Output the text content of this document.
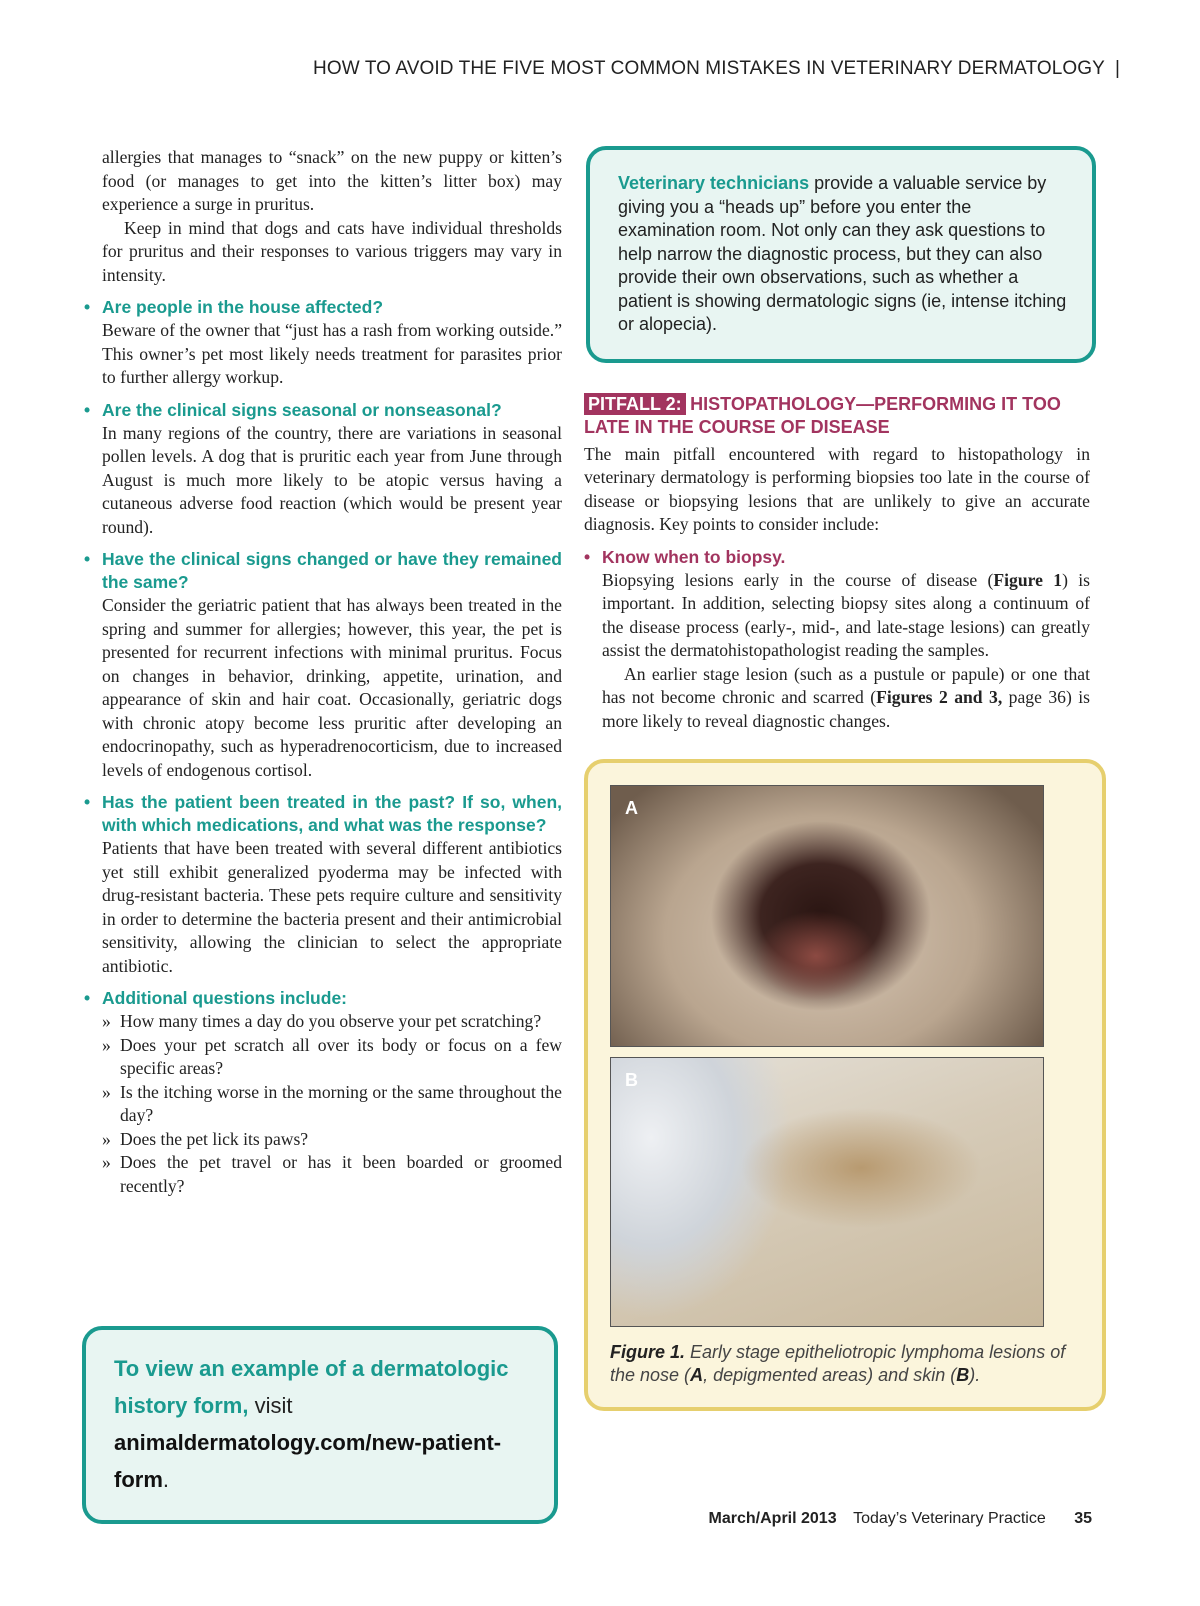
HOW TO AVOID THE FIVE MOST COMMON MISTAKES IN VETERINARY DERMATOLOGY |

allergies that manages to “snack” on the new puppy or kitten’s food (or manages to get into the kitten’s litter box) may experience a surge in pruritus.

Keep in mind that dogs and cats have individual thresholds for pruritus and their responses to various triggers may vary in intensity.

• Are people in the house affected?

Beware of the owner that “just has a rash from working outside.” This owner’s pet most likely needs treatment for parasites prior to further allergy workup.

• Are the clinical signs seasonal or nonseasonal?

In many regions of the country, there are variations in seasonal pollen levels. A dog that is pruritic each year from June through August is much more likely to be atopic versus having a cutaneous adverse food reaction (which would be present year round).

• Have the clinical signs changed or have they remained the same?

Consider the geriatric patient that has always been treated in the spring and summer for allergies; however, this year, the pet is presented for recurrent infections with minimal pruritus. Focus on changes in behavior, drinking, appetite, urination, and appearance of skin and hair coat. Occasionally, geriatric dogs with chronic atopy become less pruritic after developing an endocrinopathy, such as hyperadrenocorticism, due to increased levels of endogenous cortisol.

• Has the patient been treated in the past? If so, when, with which medications, and what was the response?

Patients that have been treated with several different antibiotics yet still exhibit generalized pyoderma may be infected with drug-resistant bacteria. These pets require culture and sensitivity in order to determine the bacteria present and their antimicrobial sensitivity, allowing the clinician to select the appropriate antibiotic.

• Additional questions include:
» How many times a day do you observe your pet scratching?
» Does your pet scratch all over its body or focus on a few specific areas?
» Is the itching worse in the morning or the same throughout the day?
» Does the pet lick its paws?
» Does the pet travel or has it been boarded or groomed recently?
To view an example of a dermatologic history form, visit animaldermatology.com/new-patient-form.
Veterinary technicians provide a valuable service by giving you a “heads up” before you enter the examination room. Not only can they ask questions to help narrow the diagnostic process, but they can also provide their own observations, such as whether a patient is showing dermatologic signs (ie, intense itching or alopecia).
PITFALL 2: HISTOPATHOLOGY—PERFORMING IT TOO LATE IN THE COURSE OF DISEASE

The main pitfall encountered with regard to histopathology in veterinary dermatology is performing biopsies too late in the course of disease or biopsying lesions that are unlikely to give an accurate diagnosis. Key points to consider include:

• Know when to biopsy.

Biopsying lesions early in the course of disease (Figure 1) is important. In addition, selecting biopsy sites along a continuum of the disease process (early-, mid-, and late-stage lesions) can greatly assist the dermatohistopathologist reading the samples.

An earlier stage lesion (such as a pustule or papule) or one that has not become chronic and scarred (Figures 2 and 3, page 36) is more likely to reveal diagnostic changes.

A
B
Figure 1. Early stage epitheliotropic lymphoma lesions of the nose (A, depigmented areas) and skin (B).
March/April 2013 Today’s Veterinary Practice 35
